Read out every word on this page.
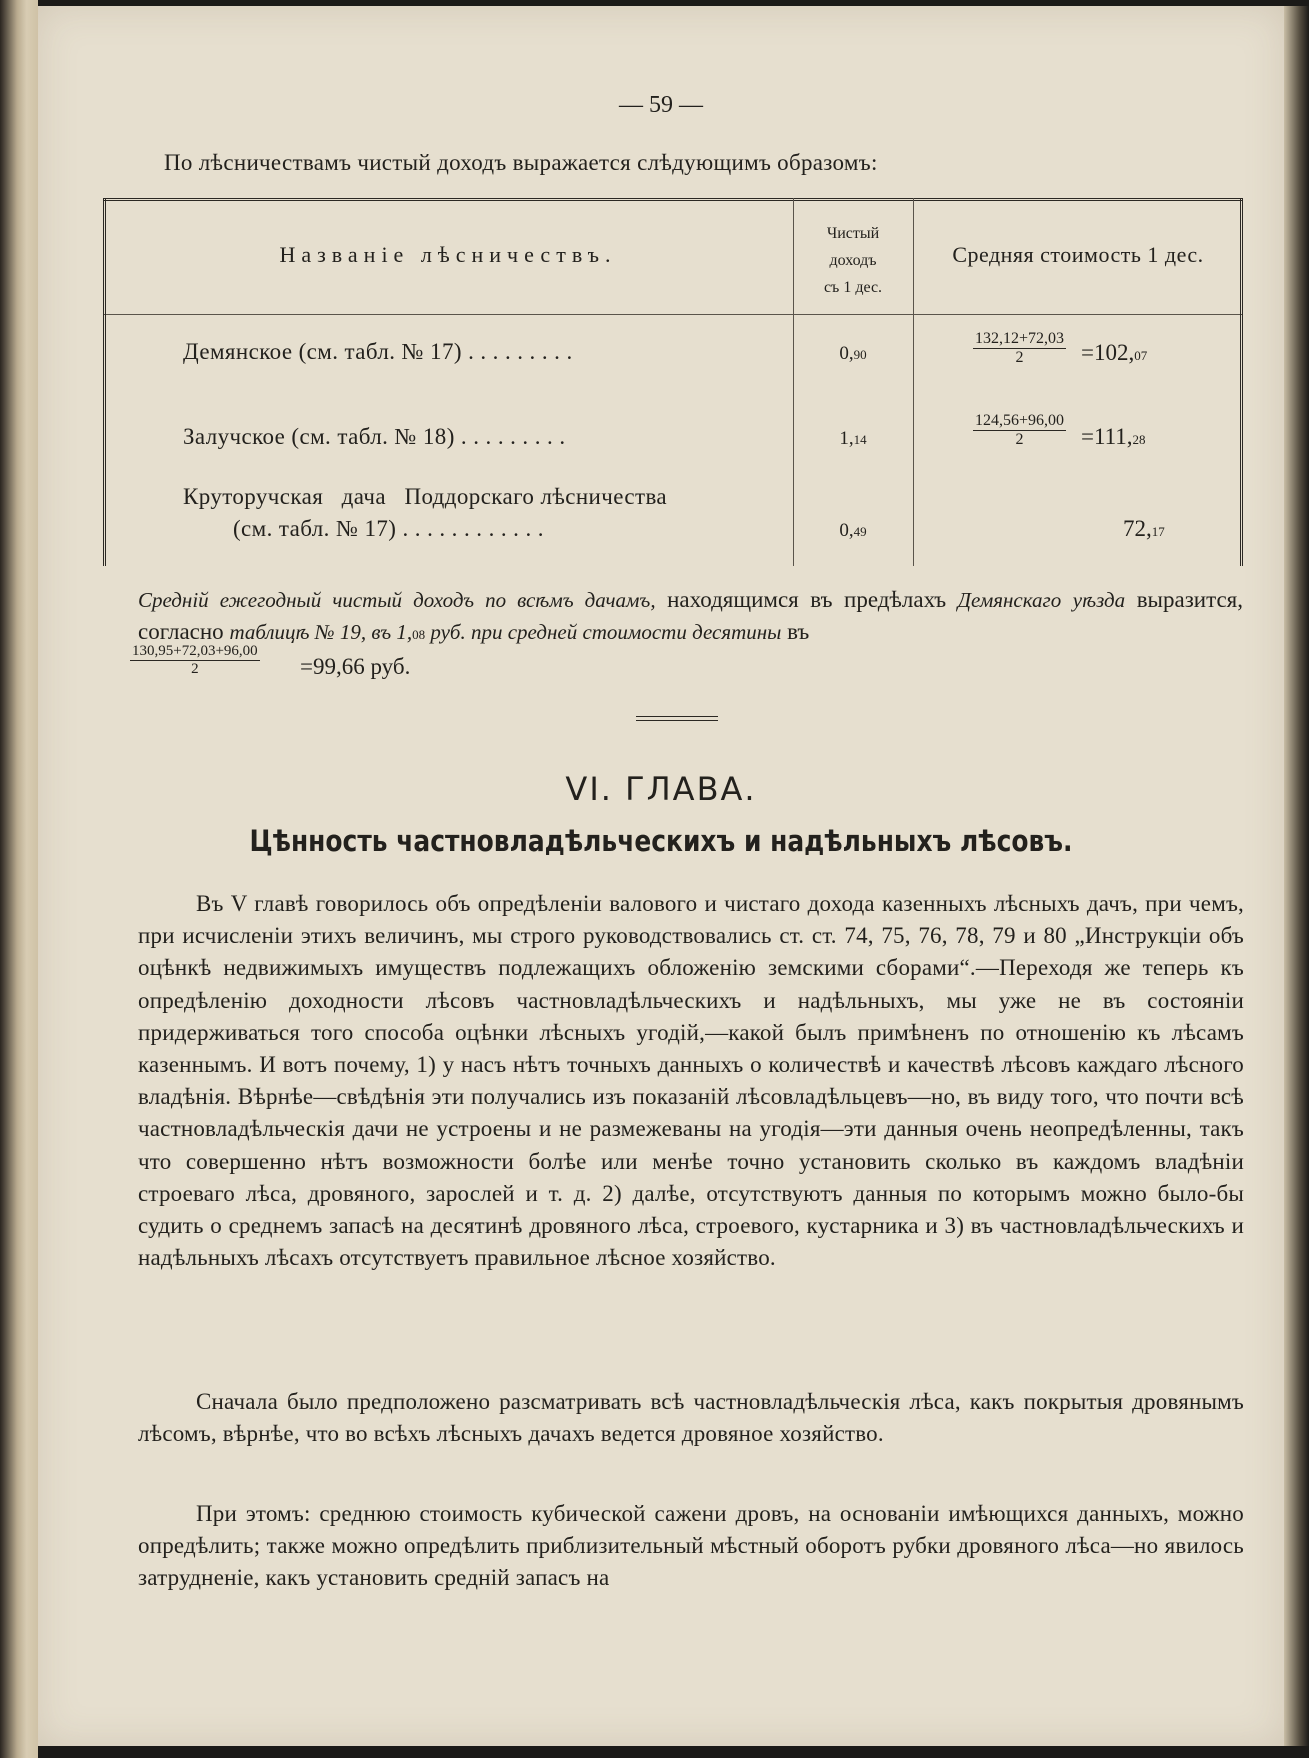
— 59 —
По лѣсничествамъ чистый доходъ выражается слѣдующимъ образомъ:
Названіе лѣсничествъ.
Чистый
доходъ
съ 1 дес.
Средняя стоимость 1 дес.
Демянское (см. табл. № 17) . . . . . . . . .	0,90	$\frac{132,12+72,03}{2} =102,07$
Залучское (см. табл. № 18) . . . . . . . . .	1,14	$\frac{124,56+96,00}{2} =111,28$
Круторучская   дача   Поддорскаго лѣсничества
(см. табл. № 17) . . . . . . . . . . . .	0,49	72,17
Средній ежегодный чистый доходъ по всѣмъ дачамъ, находящимся въ предѣлахъ Демянскаго уѣзда выразится, согласно таблицѣ № 19, въ 1,08 руб. при средней стоимости десятины въ
$\frac{130,95+72,03+96,00}{2} =99,66$ руб.
VI. ГЛАВА.
Цѣнность частновладѣльческихъ и надѣльныхъ лѣсовъ.

Въ V главѣ говорилось объ опредѣленіи валового и чистаго дохода казенныхъ лѣсныхъ дачъ, при чемъ, при исчисленіи этихъ величинъ, мы строго руководствовались ст. ст. 74, 75, 76, 78, 79 и 80 „Инструкціи объ оцѣнкѣ недвижимыхъ имуществъ подлежащихъ обложенію земскими сборами“.—Переходя же теперь къ опредѣленію доходности лѣсовъ частновладѣльческихъ и надѣльныхъ, мы уже не въ состояніи придерживаться того способа оцѣнки лѣсныхъ угодій,—какой былъ примѣненъ по отношенію къ лѣсамъ казеннымъ. И вотъ почему, 1) у насъ нѣтъ точныхъ данныхъ о количествѣ и качествѣ лѣсовъ каждаго лѣсного владѣнія. Вѣрнѣе—свѣдѣнія эти получались изъ показаній лѣсовладѣльцевъ—но, въ виду того, что почти всѣ частновладѣльческія дачи не устроены и не размежеваны на угодія—эти данныя очень неопредѣленны, такъ что совершенно нѣтъ возможности болѣе или менѣе точно установить сколько въ каждомъ владѣніи строеваго лѣса, дровяного, зарослей и т. д. 2) далѣе, отсутствуютъ данныя по которымъ можно было-бы судить о среднемъ запасѣ на десятинѣ дровяного лѣса, строевого, кустарника и 3) въ частновладѣльческихъ и надѣльныхъ лѣсахъ отсутствуетъ правильное лѣсное хозяйство.

Сначала было предположено разсматривать всѣ частновладѣльческія лѣса, какъ покрытыя дровянымъ лѣсомъ, вѣрнѣе, что во всѣхъ лѣсныхъ дачахъ ведется дровяное хозяйство.

При этомъ: среднюю стоимость кубической сажени дровъ, на основаніи имѣющихся данныхъ, можно опредѣлить; также можно опредѣлить приблизительный мѣстный оборотъ рубки дровяного лѣса—но явилось затрудненіе, какъ установить средній запасъ на
